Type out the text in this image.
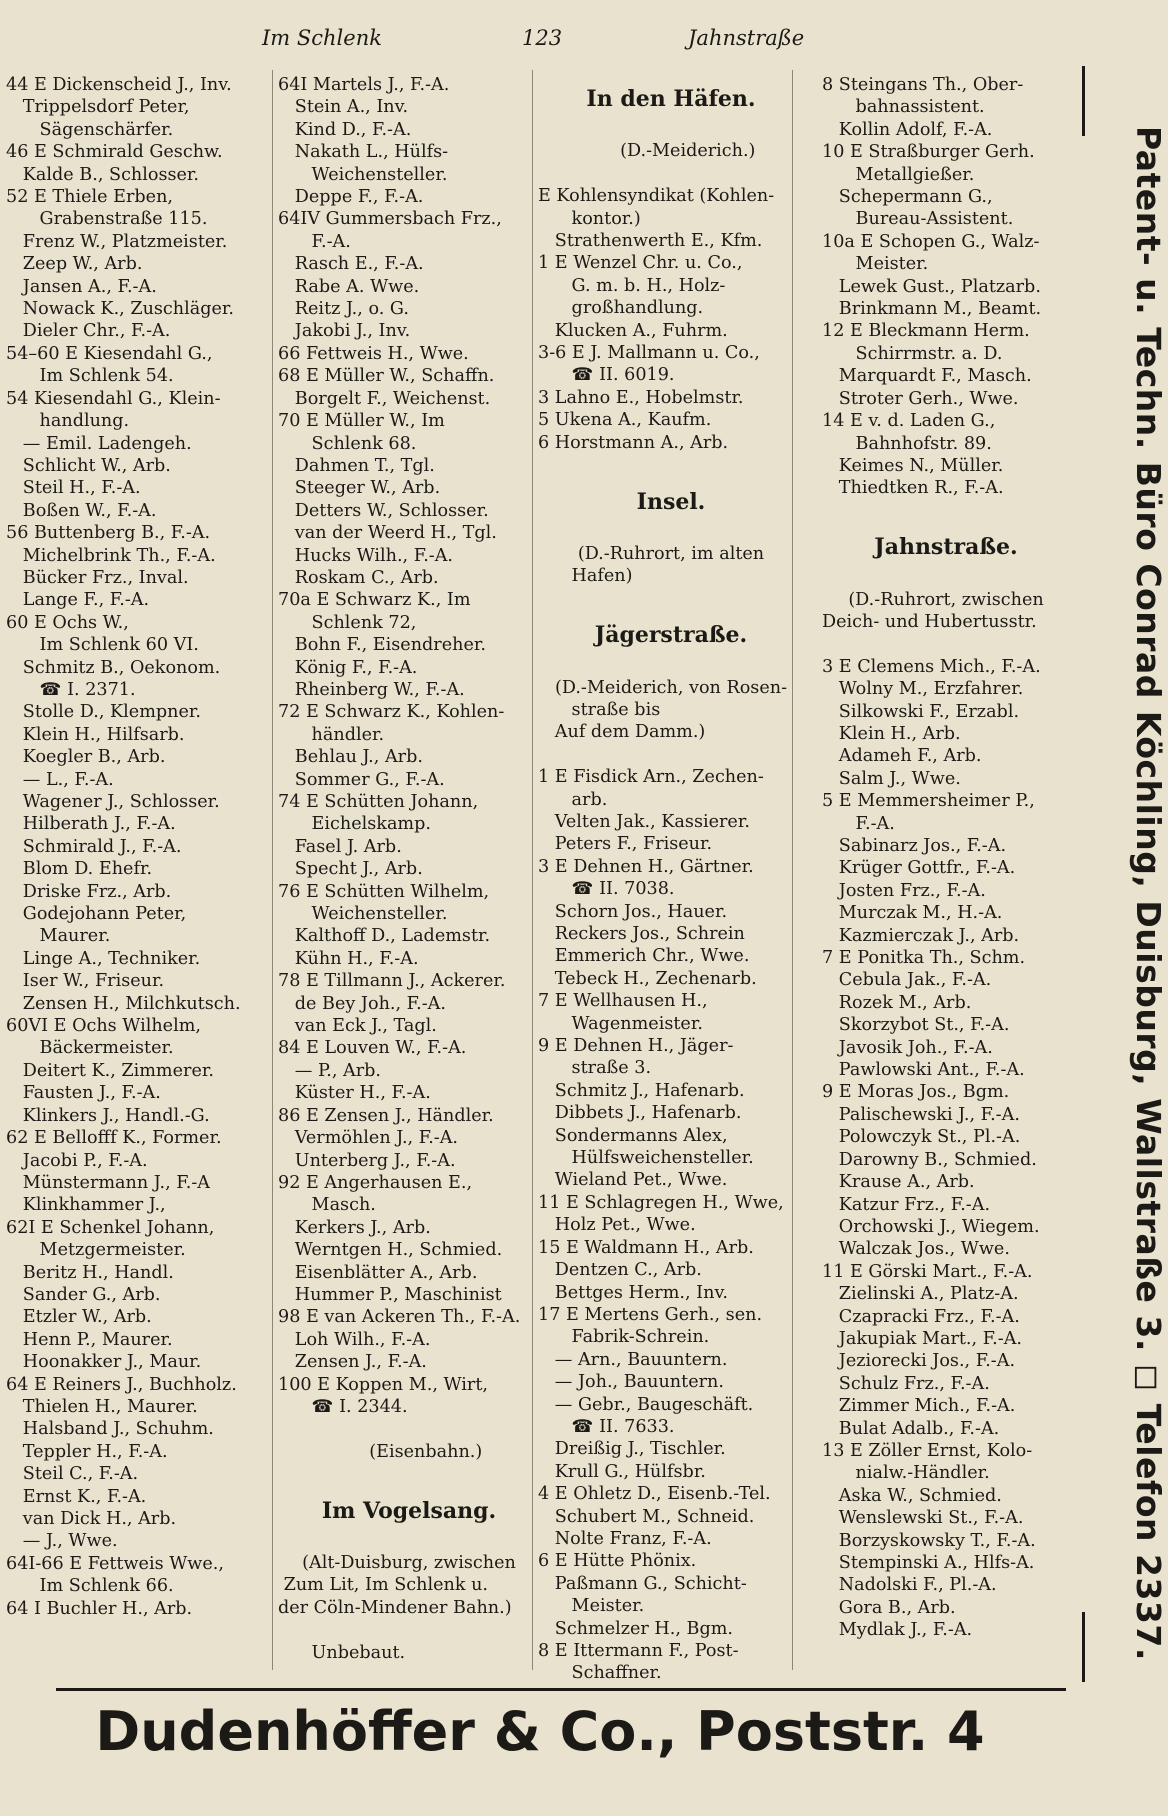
Im Schlenk	123	Jahnstraße
44 E Dickenscheid J., Inv.
Trippelsdorf Peter,
Sägenschärfer.
46 E Schmirald Geschw.
Kalde B., Schlosser.
52 E Thiele Erben,
Grabenstraße 115.
Frenz W., Platzmeister.
Zeep W., Arb.
Jansen A., F.-A.
Nowack K., Zuschläger.
Dieler Chr., F.-A.
54–60 E Kiesendahl G.,
Im Schlenk 54.
54 Kiesendahl G., Klein-
handlung.
— Emil. Ladengeh.
Schlicht W., Arb.
Steil H., F.-A.
Boßen W., F.-A.
56 Buttenberg B., F.-A.
Michelbrink Th., F.-A.
Bücker Frz., Inval.
Lange F., F.-A.
60 E Ochs W.,
Im Schlenk 60 VI.
Schmitz B., Oekonom.
☎ I. 2371.
Stolle D., Klempner.
Klein H., Hilfsarb.
Koegler B., Arb.
— L., F.-A.
Wagener J., Schlosser.
Hilberath J., F.-A.
Schmirald J., F.-A.
Blom D. Ehefr.
Driske Frz., Arb.
Godejohann Peter,
Maurer.
Linge A., Techniker.
Iser W., Friseur.
Zensen H., Milchkutsch.
60VI E Ochs Wilhelm,
Bäckermeister.
Deitert K., Zimmerer.
Fausten J., F.-A.
Klinkers J., Handl.-G.
62 E Bellofff K., Former.
Jacobi P., F.-A.
Münstermann J., F.-A
Klinkhammer J.,
62I E Schenkel Johann,
Metzgermeister.
Beritz H., Handl.
Sander G., Arb.
Etzler W., Arb.
Henn P., Maurer.
Hoonakker J., Maur.
64 E Reiners J., Buchholz.
Thielen H., Maurer.
Halsband J., Schuhm.
Teppler H., F.-A.
Steil C., F.-A.
Ernst K., F.-A.
van Dick H., Arb.
— J., Wwe.
64I-66 E Fettweis Wwe.,
Im Schlenk 66.
64 I Buchler H., Arb.
64I Martels J., F.-A.
Stein A., Inv.
Kind D., F.-A.
Nakath L., Hülfs-
Weichensteller.
Deppe F., F.-A.
64IV Gummersbach Frz.,
F.-A.
Rasch E., F.-A.
Rabe A. Wwe.
Reitz J., o. G.
Jakobi J., Inv.
66 Fettweis H., Wwe.
68 E Müller W., Schaffn.
Borgelt F., Weichenst.
70 E Müller W., Im
Schlenk 68.
Dahmen T., Tgl.
Steeger W., Arb.
Detters W., Schlosser.
van der Weerd H., Tgl.
Hucks Wilh., F.-A.
Roskam C., Arb.
70a E Schwarz K., Im
Schlenk 72,
Bohn F., Eisendreher.
König F., F.-A.
Rheinberg W., F.-A.
72 E Schwarz K., Kohlen-
händler.
Behlau J., Arb.
Sommer G., F.-A.
74 E Schütten Johann,
Eichelskamp.
Fasel J. Arb.
Specht J., Arb.
76 E Schütten Wilhelm,
Weichensteller.
Kalthoff D., Lademstr.
Kühn H., F.-A.
78 E Tillmann J., Ackerer.
de Bey Joh., F.-A.
van Eck J., Tagl.
84 E Louven W., F.-A.
— P., Arb.
Küster H., F.-A.
86 E Zensen J., Händler.
Vermöhlen J., F.-A.
Unterberg J., F.-A.
92 E Angerhausen E.,
Masch.
Kerkers J., Arb.
Werntgen H., Schmied.
Eisenblätter A., Arb.
Hummer P., Maschinist
98 E van Ackeren Th., F.-A.
Loh Wilh., F.-A.
Zensen J., F.-A.
100 E Koppen M., Wirt,
☎ I. 2344.

(Eisenbahn.)

Im Vogelsang.

(Alt-Duisburg, zwischen
Zum Lit, Im Schlenk u.
der Cöln-Mindener Bahn.)

Unbebaut.
In den Häfen.

(D.-Meiderich.)

E Kohlensyndikat (Kohlen-
kontor.)
Strathenwerth E., Kfm.
1 E Wenzel Chr. u. Co.,
G. m. b. H., Holz-
großhandlung.
Klucken A., Fuhrm.
3-6 E J. Mallmann u. Co.,
☎ II. 6019.
3 Lahno E., Hobelmstr.
5 Ukena A., Kaufm.
6 Horstmann A., Arb.

Insel.

(D.-Ruhrort, im alten
Hafen)

Jägerstraße.

(D.-Meiderich, von Rosen-
straße bis
Auf dem Damm.)

1 E Fisdick Arn., Zechen-
arb.
Velten Jak., Kassierer.
Peters F., Friseur.
3 E Dehnen H., Gärtner.
☎ II. 7038.
Schorn Jos., Hauer.
Reckers Jos., Schrein
Emmerich Chr., Wwe.
Tebeck H., Zechenarb.
7 E Wellhausen H.,
Wagenmeister.
9 E Dehnen H., Jäger-
straße 3.
Schmitz J., Hafenarb.
Dibbets J., Hafenarb.
Sondermanns Alex,
Hülfsweichensteller.
Wieland Pet., Wwe.
11 E Schlagregen H., Wwe,
Holz Pet., Wwe.
15 E Waldmann H., Arb.
Dentzen C., Arb.
Bettges Herm., Inv.
17 E Mertens Gerh., sen.
Fabrik-Schrein.
— Arn., Bauuntern.
— Joh., Bauuntern.
— Gebr., Baugeschäft.
☎ II. 7633.
Dreißig J., Tischler.
Krull G., Hülfsbr.
4 E Ohletz D., Eisenb.-Tel.
Schubert M., Schneid.
Nolte Franz, F.-A.
6 E Hütte Phönix.
Paßmann G., Schicht-
Meister.
Schmelzer H., Bgm.
8 E Ittermann F., Post-
Schaffner.
8 Steingans Th., Ober-
bahnassistent.
Kollin Adolf, F.-A.
10 E Straßburger Gerh.
Metallgießer.
Schepermann G.,
Bureau-Assistent.
10a E Schopen G., Walz-
Meister.
Lewek Gust., Platzarb.
Brinkmann M., Beamt.
12 E Bleckmann Herm.
Schirrmstr. a. D.
Marquardt F., Masch.
Stroter Gerh., Wwe.
14 E v. d. Laden G.,
Bahnhofstr. 89.
Keimes N., Müller.
Thiedtken R., F.-A.

Jahnstraße.

(D.-Ruhrort, zwischen
Deich- und Hubertusstr.

3 E Clemens Mich., F.-A.
Wolny M., Erzfahrer.
Silkowski F., Erzabl.
Klein H., Arb.
Adameh F., Arb.
Salm J., Wwe.
5 E Memmersheimer P.,
F.-A.
Sabinarz Jos., F.-A.
Krüger Gottfr., F.-A.
Josten Frz., F.-A.
Murczak M., H.-A.
Kazmierczak J., Arb.
7 E Ponitka Th., Schm.
Cebula Jak., F.-A.
Rozek M., Arb.
Skorzybot St., F.-A.
Javosik Joh., F.-A.
Pawlowski Ant., F.-A.
9 E Moras Jos., Bgm.
Palischewski J., F.-A.
Polowczyk St., Pl.-A.
Darowny B., Schmied.
Krause A., Arb.
Katzur Frz., F.-A.
Orchowski J., Wiegem.
Walczak Jos., Wwe.
11 E Görski Mart., F.-A.
Zielinski A., Platz-A.
Czapracki Frz., F.-A.
Jakupiak Mart., F.-A.
Jeziorecki Jos., F.-A.
Schulz Frz., F.-A.
Zimmer Mich., F.-A.
Bulat Adalb., F.-A.
13 E Zöller Ernst, Kolo-
nialw.-Händler.
Aska W., Schmied.
Wenslewski St., F.-A.
Borzyskowsky T., F.-A.
Stempinski A., Hlfs-A.
Nadolski F., Pl.-A.
Gora B., Arb.
Mydlak J., F.-A.	Patent- u. Techn. Büro Conrad Köchling, Duisburg, Wallstraße 3. ◻ Telefon 2337.
Dudenhöffer & Co., Poststr. 4
